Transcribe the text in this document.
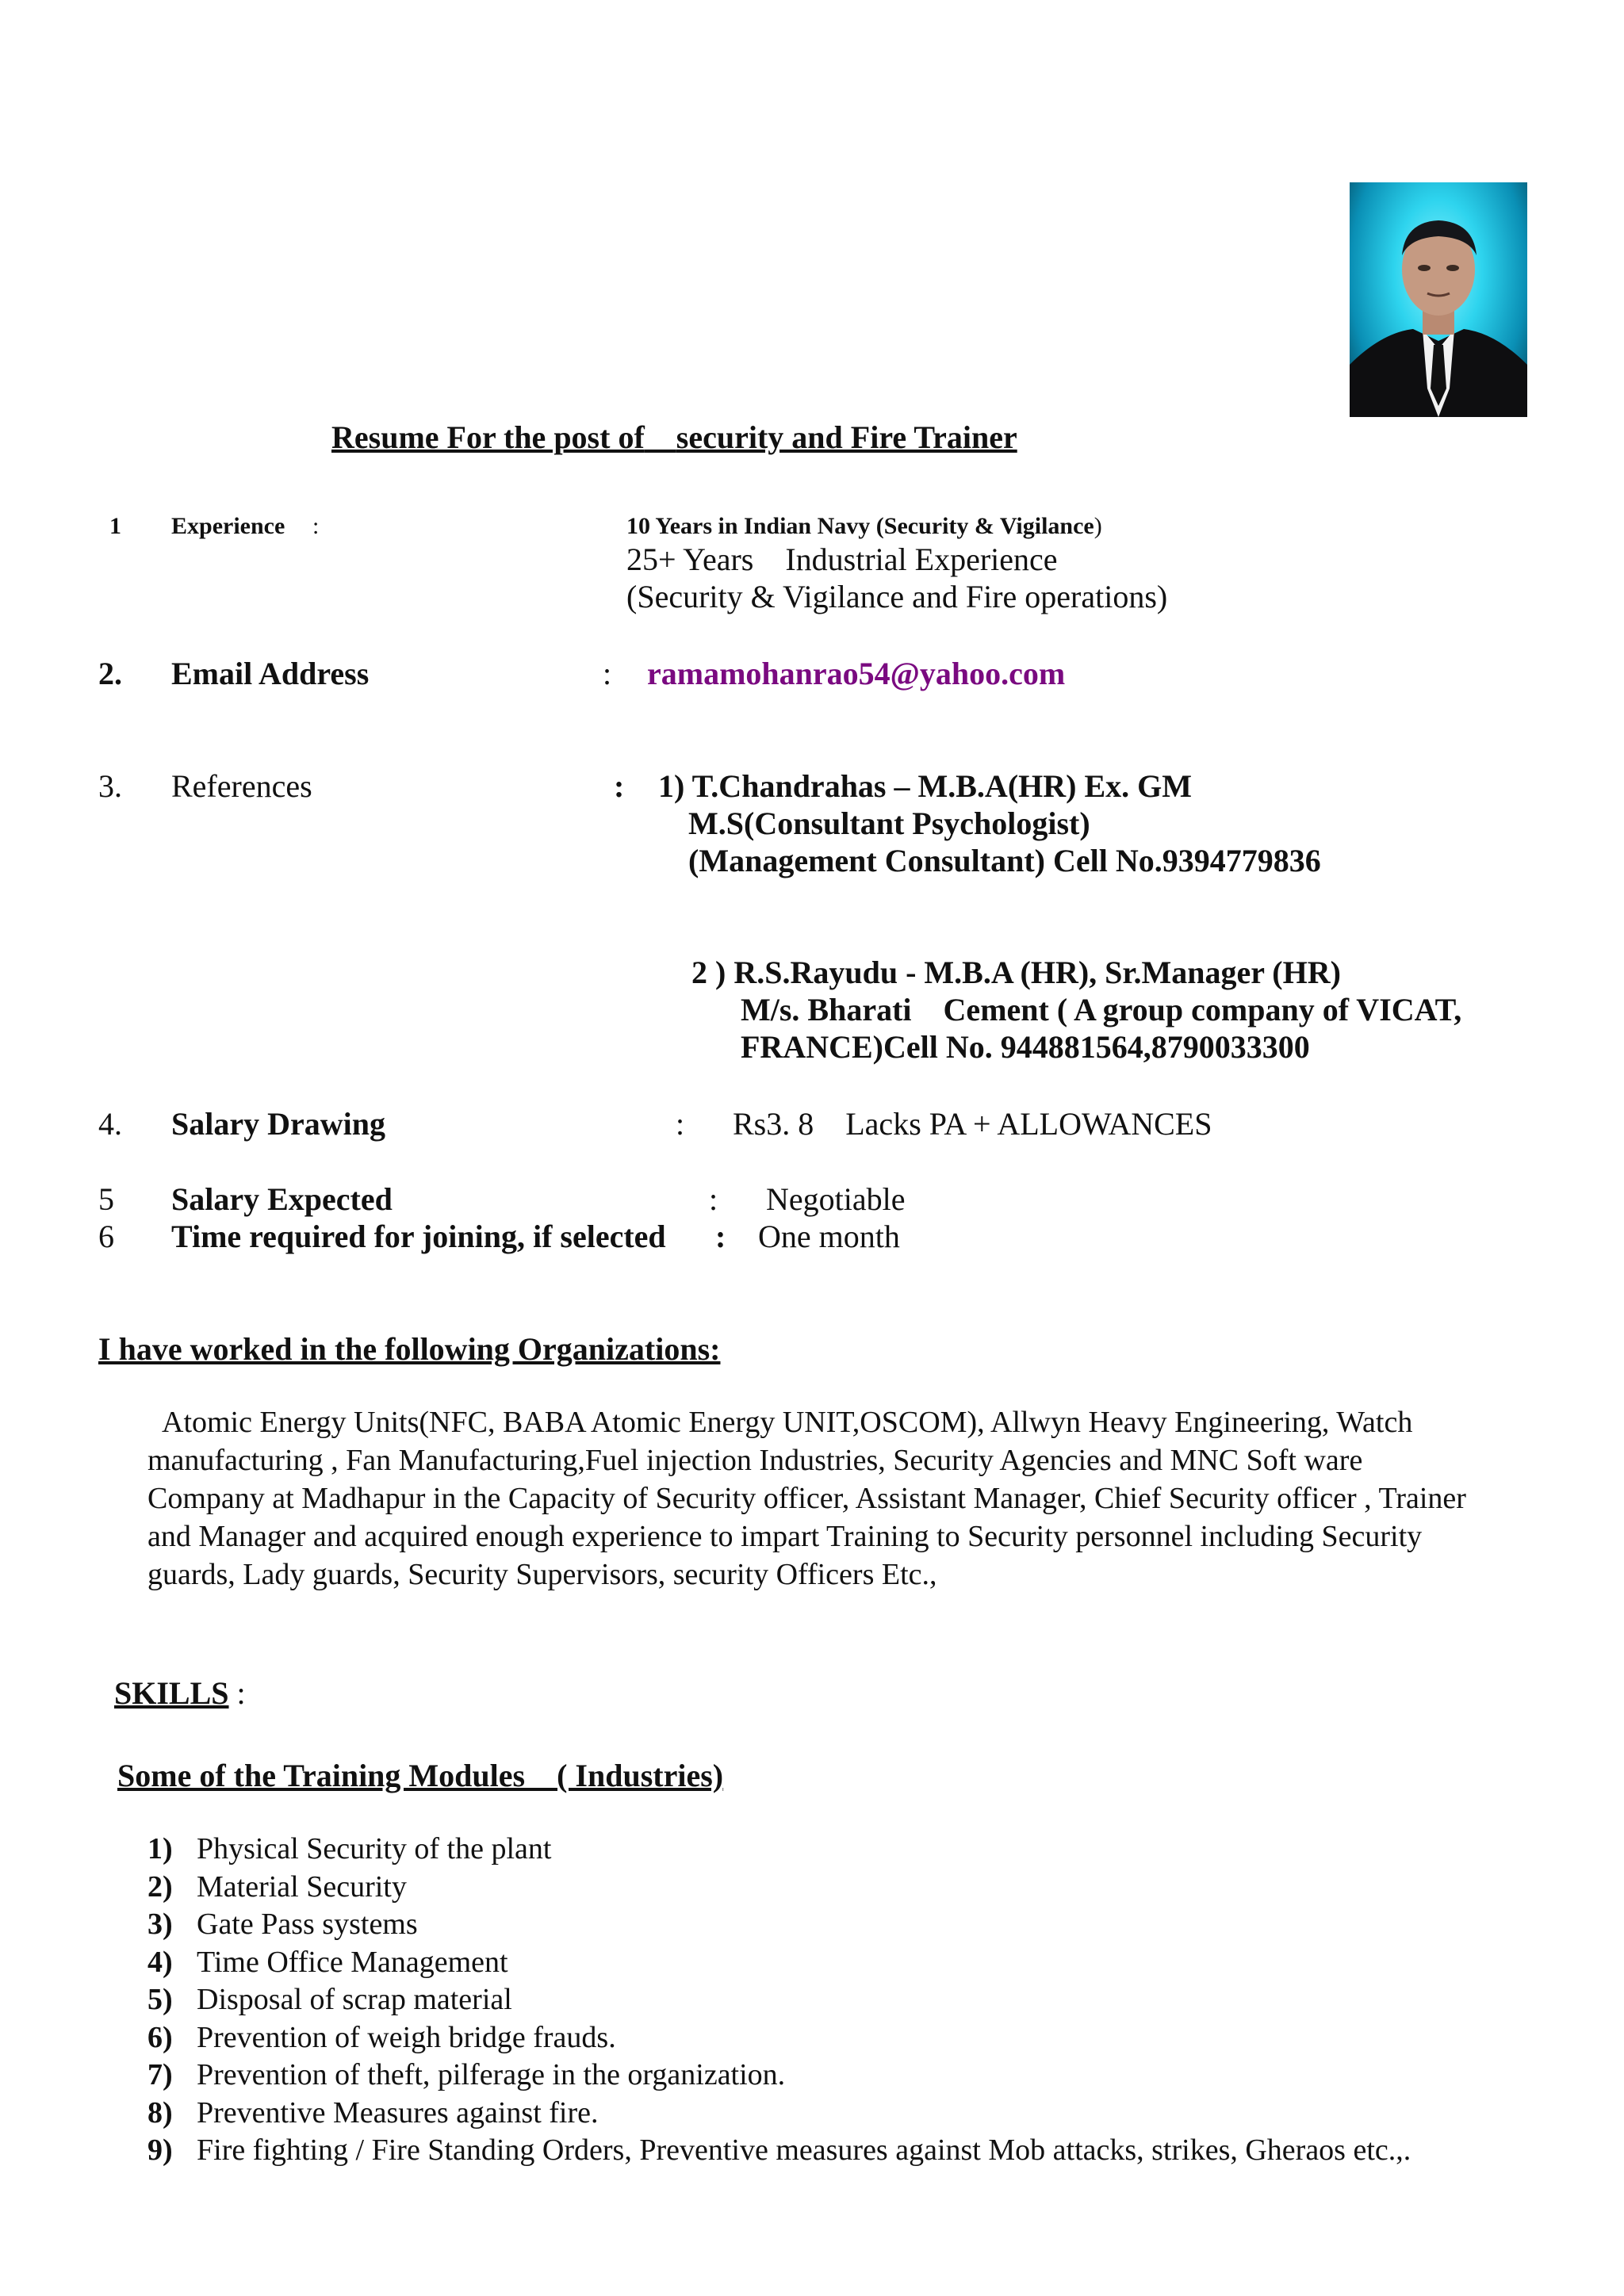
Resume For the post of security and Fire Trainer
1 Experience :	10 Years in Indian Navy (Security & Vigilance)
25+ Years    Industrial Experience
(Security & Vigilance and Fire operations)
2. Email Address	: ramamohanrao54@yahoo.com
3. References	: 1) T.Chandrahas – M.B.A(HR) Ex. GM
M.S(Consultant Psychologist)
(Management Consultant) Cell No.9394779836
2 ) R.S.Rayudu - M.B.A (HR), Sr.Manager (HR)
M/s. Bharati    Cement ( A group company of VICAT,
FRANCE)Cell No. 944881564,8790033300
4. Salary Drawing	: Rs3. 8    Lacks PA + ALLOWANCES
5 Salary Expected	: Negotiable
6 Time required for joining, if selected : One month
I have worked in the following Organizations:
Atomic Energy Units(NFC, BABA Atomic Energy UNIT,OSCOM), Allwyn Heavy Engineering, Watch manufacturing , Fan Manufacturing,Fuel injection Industries, Security Agencies and MNC Soft ware Company at Madhapur in the Capacity of Security officer, Assistant Manager, Chief Security officer , Trainer and Manager and acquired enough experience to impart Training to Security personnel including Security guards, Lady guards, Security Supervisors, security Officers Etc.,
SKILLS :
Some of the Training Modules    ( Industries)
1) Physical Security of the plant
2) Material Security
3) Gate Pass systems
4) Time Office Management
5) Disposal of scrap material
6) Prevention of weigh bridge frauds.
7) Prevention of theft, pilferage in the organization.
8) Preventive Measures against fire.
9) Fire fighting / Fire Standing Orders, Preventive measures against Mob attacks, strikes, Gheraos etc.,.
